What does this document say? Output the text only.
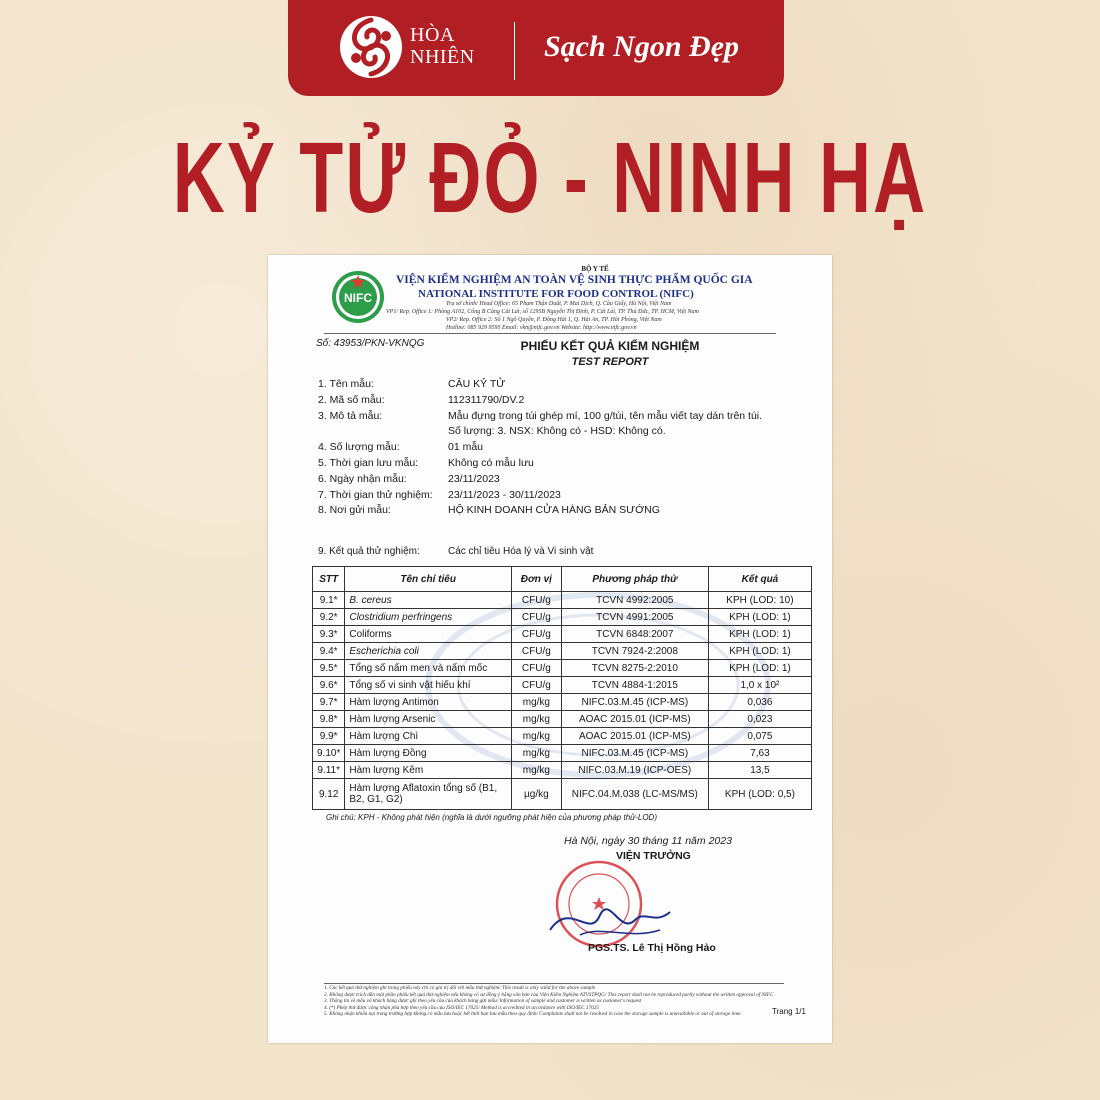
HÒA
NHIÊN Sạch Ngon Đẹp
KỶ TỬ ĐỎ - NINH HẠ
NIFC
BỘ Y TẾ
VIỆN KIỂM NGHIỆM AN TOÀN VỆ SINH THỰC PHẨM QUỐC GIA
NATIONAL INSTITUTE FOR FOOD CONTROL (NIFC)
Trụ sở chính/ Head Office: 65 Phạm Thận Duật, P. Mai Dịch, Q. Cầu Giấy, Hà Nội, Việt Nam
VP1/ Rep. Office 1: Phòng A102, Cổng B Cảng Cát Lái, số 1295B Nguyễn Thị Định, P. Cát Lái, TP. Thủ Đức, TP. HCM, Việt Nam
VP2/ Rep. Office 2: Số 1 Ngô Quyền, P. Đông Hải 1, Q. Hải An, TP. Hải Phòng, Việt Nam
Hotline: 085 929 9595 Email: vkn@nifc.gov.vn Website: http://www.nifc.gov.vn
Số: 43953/PKN-VKNQG	PHIẾU KẾT QUẢ KIỂM NGHIỆM
TEST REPORT
1. Tên mẫu:	CÂU KỶ TỬ
2. Mã số mẫu:	112311790/DV.2
3. Mô tả mẫu:	Mẫu đựng trong túi ghép mí, 100 g/túi, tên mẫu viết tay dán trên túi.
Số lượng: 3. NSX: Không có - HSD: Không có.
4. Số lượng mẫu:	01 mẫu
5. Thời gian lưu mẫu:	Không có mẫu lưu
6. Ngày nhận mẫu:	23/11/2023
7. Thời gian thử nghiệm:	23/11/2023 - 30/11/2023
8. Nơi gửi mẫu:	HỘ KINH DOANH CỬA HÀNG BẢN SƯỚNG
9. Kết quả thử nghiệm:	Các chỉ tiêu Hóa lý và Vi sinh vật
STT	Tên chỉ tiêu	Đơn vị	Phương pháp thử	Kết quả
9.1*	B. cereus	CFU/g	TCVN 4992:2005	KPH (LOD: 10)
9.2*	Clostridium perfringens	CFU/g	TCVN 4991:2005	KPH (LOD: 1)
9.3*	Coliforms	CFU/g	TCVN 6848:2007	KPH (LOD: 1)
9.4*	Escherichia coli	CFU/g	TCVN 7924-2:2008	KPH (LOD: 1)
9.5*	Tổng số nấm men và nấm mốc	CFU/g	TCVN 8275-2:2010	KPH (LOD: 1)
9.6*	Tổng số vi sinh vật hiếu khí	CFU/g	TCVN 4884-1:2015	1,0 x 10²
9.7*	Hàm lượng Antimon	mg/kg	NIFC.03.M.45 (ICP-MS)	0,036
9.8*	Hàm lượng Arsenic	mg/kg	AOAC 2015.01 (ICP-MS)	0,023
9.9*	Hàm lượng Chì	mg/kg	AOAC 2015.01 (ICP-MS)	0,075
9.10*	Hàm lượng Đồng	mg/kg	NIFC.03.M.45 (ICP-MS)	7,63
9.11*	Hàm lượng Kẽm	mg/kg	NIFC.03.M.19 (ICP-OES)	13,5
9.12	Hàm lượng Aflatoxin tổng số (B1, B2, G1, G2)	µg/kg	NIFC.04.M.038 (LC-MS/MS)	KPH (LOD: 0,5)
Ghi chú: KPH - Không phát hiện (nghĩa là dưới ngưỡng phát hiện của phương pháp thử-LOD)
Hà Nội, ngày 30 tháng 11 năm 2023
VIỆN TRƯỞNG
PGS.TS. Lê Thị Hồng Hảo
1. Các kết quả thử nghiệm ghi trong phiếu này chỉ có giá trị đối với mẫu thử nghiệm/ This result is only valid for the above sample
2. Không được trích dẫn một phần phiếu kết quả thử nghiệm nếu không có sự đồng ý bằng văn bản của Viện Kiểm Nghiệm ATVSTPQG/ This report shall not be reproduced partly without the written approval of NIFC
3. Thông tin về mẫu và khách hàng được ghi theo yêu cầu của khách hàng gửi mẫu/ Information of sample and customer is written as customer's request
4. (*) Phép thử được công nhận phù hợp theo yêu cầu của ISO/IEC 17025/ Method is accredited in accordance with ISO/IEC 17025
5. Không nhận khiếu nại trong trường hợp không có mẫu lưu hoặc hết thời hạn lưu mẫu theo quy định/ Complaints shall not be resolved in case the storage sample is unavailable or out of storage time.	Trang 1/1
